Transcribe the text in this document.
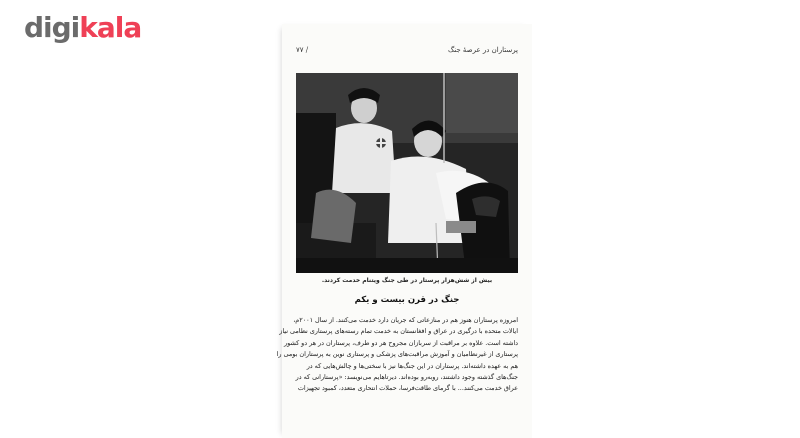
digikala
پرستاران در عرصهٔ جنگ
/ ۷۷
بیش از شش‌هزار پرستار در طی جنگ ویتنام خدمت کردند.
جنگ در قرن بیست و یکم

امروزه پرستاران هنوز هم در منازعاتی که جریان دارد خدمت می‌کنند. از سال ۲۰۰۱م،

ایالات متحده با درگیری در عراق و افغانستان به خدمت تمام رسته‌های پرستاری نظامی نیاز

داشته است. علاوه بر مراقبت از سربازان مجروح هر دو طرف، پرستاران در هر دو کشور

پرستاری از غیرنظامیان و آموزش مراقبت‌های پزشکی و پرستاری نوین به پرستاران بومی را

هم به عهده داشته‌اند. پرستاران در این جنگ‌ها نیز با سختی‌ها و چالش‌هایی که در

جنگ‌های گذشته وجود داشتند، روبه‌رو بوده‌اند. دیرتاهایم می‌نویسد: «پرستارانی که در

عراق خدمت می‌کنند... با گرمای طاقت‌فرسا، حملات انتحاری متعدد، کمبود تجهیزات
